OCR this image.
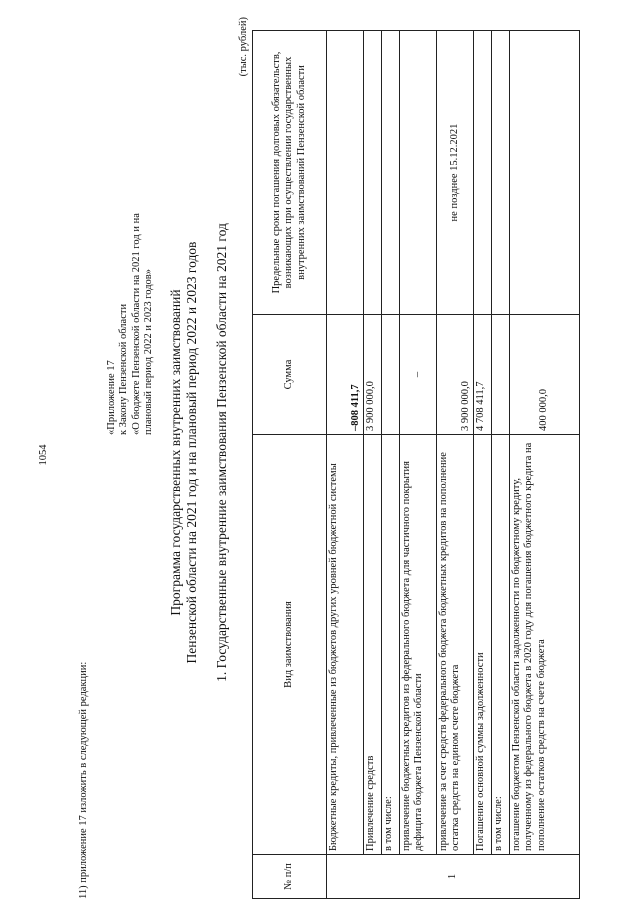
1054
11) приложение 17 изложить в следующей редакции:
«Приложение 17 к Закону Пензенской области «О бюджете Пензенской области на 2021 год и на плановый период 2022 и 2023 годов» Программа государственных внутренних заимствований Пензенской области на 2021 год и на плановый период 2022 и 2023 годов 1. Государственные внутренние заимствования Пензенской области на 2021 год
(тыс. рублей)
№ п/п	Вид заимствования	Сумма	Предельные сроки погашения долговых обязательств, возникающих при осуществлении государственных внутренних заимствований Пензенской области
1	Бюджетные кредиты, привлеченные из бюджетов других уровней бюджетной системы	–808 411,7	
	Привлечение средств	3 900 000,0	
	в том числе:		
	привлечение бюджетных кредитов из федерального бюджета для частичного покрытия дефицита бюджета Пензенской области	–	
	привлечение за счет средств федерального бюджета бюджетных кредитов на пополнение остатка средств на едином счете бюджета	3 900 000,0	не позднее 15.12.2021
	Погашение основной суммы задолженности	4 708 411,7	
	в том числе:		
	погашение бюджетом Пензенской области задолженности по бюджетному кредиту, полученному из федерального бюджета в 2020 году для погашения бюджетного кредита на пополнение остатков средств на счете бюджета	400 000,0	
